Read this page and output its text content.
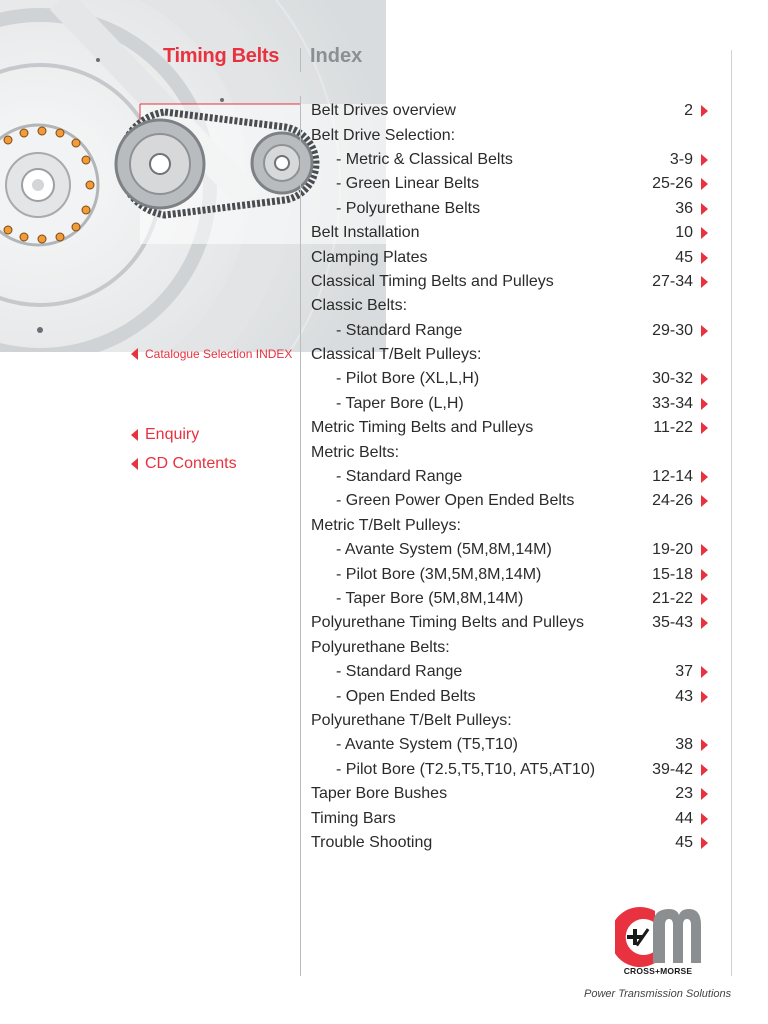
Timing Belts Index
Catalogue Selection INDEX
Enquiry
CD Contents
Belt Drives overview	2
Belt Drive Selection:
- Metric & Classical Belts	3-9
- Green Linear Belts	25-26
- Polyurethane Belts	36
Belt Installation	10
Clamping Plates	45
Classical Timing Belts and Pulleys	27-34
Classic Belts:
- Standard Range	29-30
Classical T/Belt Pulleys:
- Pilot Bore (XL,L,H)	30-32
- Taper Bore (L,H)	33-34
Metric Timing Belts and Pulleys	11-22
Metric Belts:
- Standard Range	12-14
- Green Power Open Ended Belts	24-26
Metric T/Belt Pulleys:
- Avante System (5M,8M,14M)	19-20
- Pilot Bore (3M,5M,8M,14M)	15-18
- Taper Bore (5M,8M,14M)	21-22
Polyurethane Timing Belts and Pulleys	35-43
Polyurethane Belts:
- Standard Range	37
- Open Ended Belts	43
Polyurethane T/Belt Pulleys:
- Avante System (T5,T10)	38
- Pilot Bore (T2.5,T5,T10, AT5,AT10)	39-42
Taper Bore Bushes	23
Timing Bars	44
Trouble Shooting	45
CROSS+MORSE
Power Transmission Solutions
